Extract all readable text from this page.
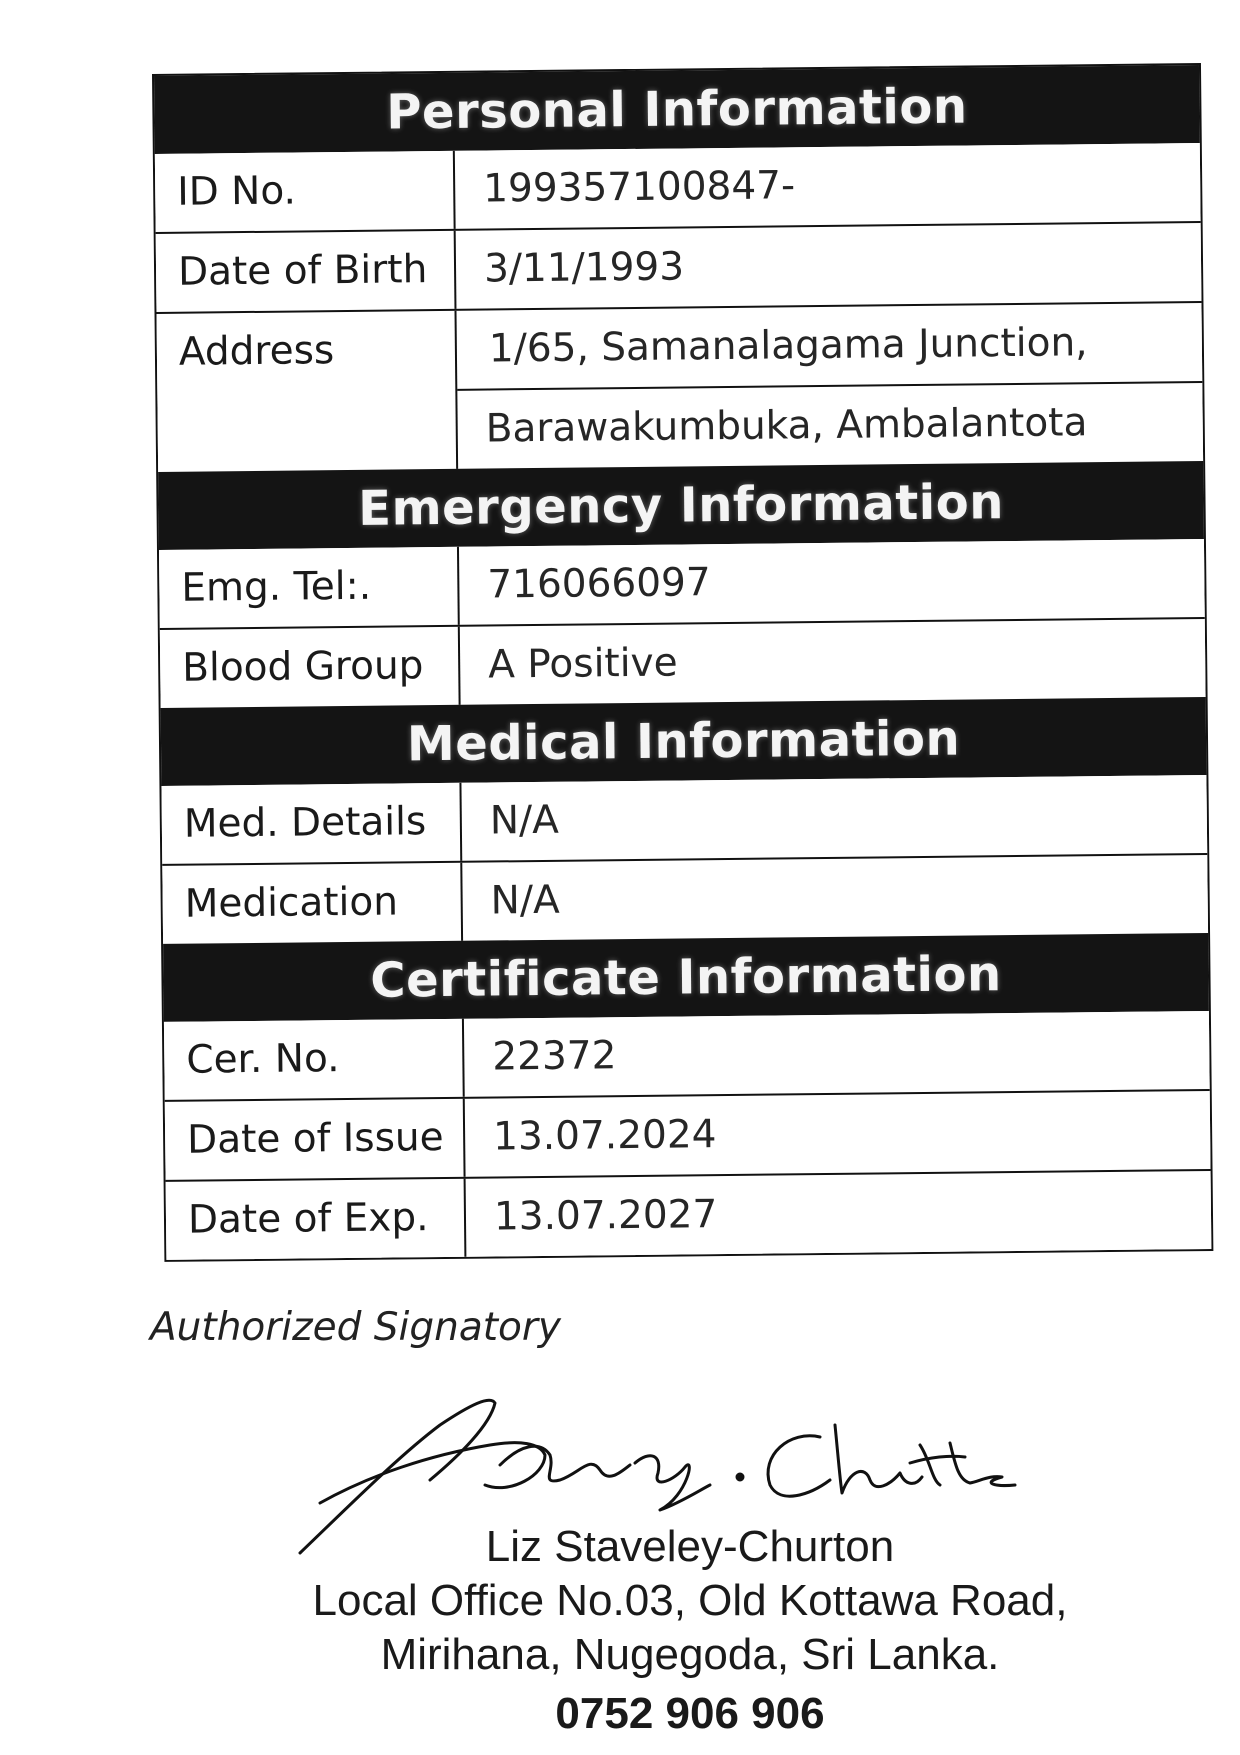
Personal Information
ID No.	199357100847-
Date of Birth	3/11/1993
Address	1/65, Samanalagama Junction,
Barawakumbuka, Ambalantota
Emergency Information
Emg. Tel:.	716066097
Blood Group	A Positive
Medical Information
Med. Details	N/A
Medication	N/A
Certificate Information
Cer. No.	22372
Date of Issue	13.07.2024
Date of Exp.	13.07.2027
Authorized Signatory
Liz Staveley-Churton
Local Office No.03, Old Kottawa Road,
Mirihana, Nugegoda, Sri Lanka.
0752 906 906
